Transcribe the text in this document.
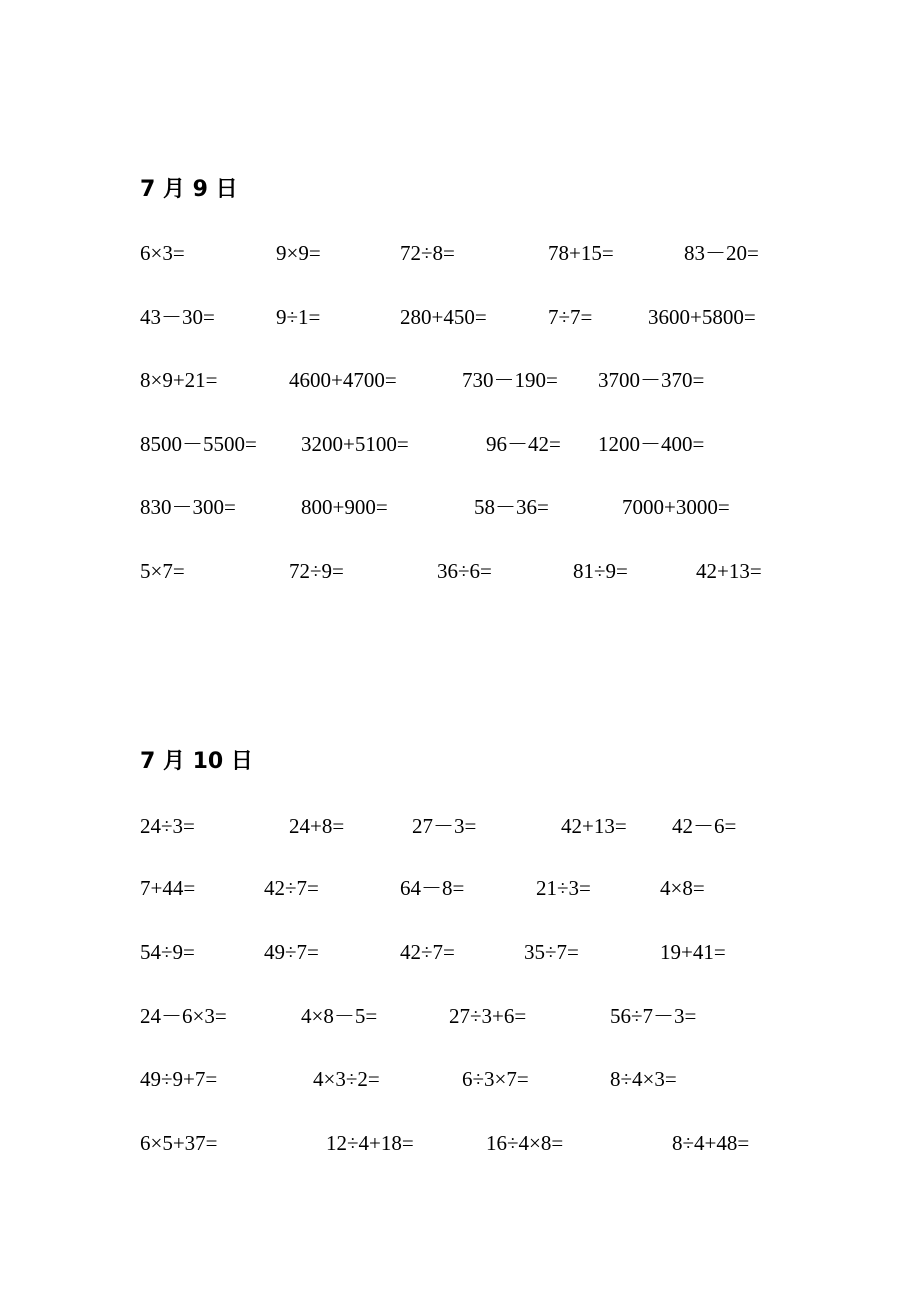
7 月 9 日
6×3=	9×9=	72÷8=	78+15=	83－20=
43－30=	9÷1=	280+450=	7÷7=	3600+5800=
8×9+21=	4600+4700=	730－190= 3700－370=
8500－5500= 3200+5100=	96－42= 1200－400=
830－300=	800+900=	58－36=	7000+3000=
5×7=	72÷9=	36÷6=	81÷9=	42+13=
7 月 10 日
24÷3=	24+8=	27－3=	42+13= 42－6=
7+44=	42÷7=	64－8=	21÷3=	4×8=
54÷9=	49÷7=	42÷7=	35÷7=	19+41=
24－6×3=	4×8－5=	27÷3+6=	56÷7－3=
49÷9+7=	4×3÷2=	6÷3×7=	8÷4×3=
6×5+37=	12÷4+18=	16÷4×8=	8÷4+48=
